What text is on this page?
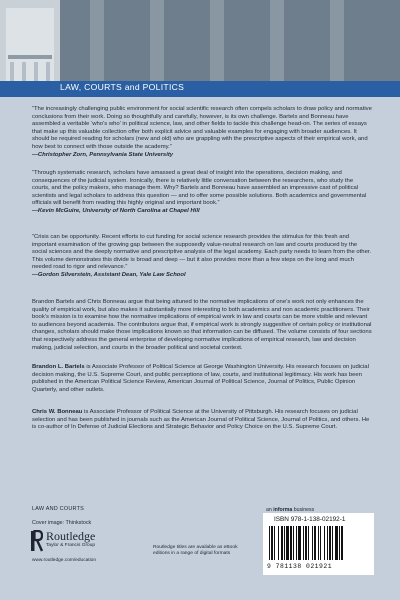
LAW, COURTS and POLITICS
“The increasingly challenging public environment for social scientific research often compels scholars to draw policy and normative conclusions from their work. Doing so thoughtfully and carefully, however, is its own challenge. Bartels and Bonneau have assembled a veritable ‘who’s who’ in political science, law, and other fields to tackle this challenge head-on. The series of essays that make up this valuable collection offer both explicit advice and valuable examples for engaging with broader audiences. It should be required reading for scholars (new and old) who are grappling with the prescriptive aspects of their empirical work, and how best to connect with those outside the academy.”
—Christopher Zorn, Pennsylvania State University
“Through systematic research, scholars have amassed a great deal of insight into the operations, decision making, and consequences of the judicial system. Ironically, there is relatively little conversation between the researchers, who study the courts, and the policy makers, who manage them. Why? Bartels and Bonneau have assembled an impressive cast of political scientists and legal scholars to address this question — and to offer some possible solutions. Both academics and governmental officials will benefit from reading this highly original and important book.”
—Kevin McGuire, University of North Carolina at Chapel Hill
“Crisis can be opportunity. Recent efforts to cut funding for social science research provides the stimulus for this fresh and important examination of the growing gap between the supposedly value-neutral research on law and courts produced by the social sciences and the deeply normative and prescriptive analysis of the legal academy. Each party needs to learn from the other. This volume demonstrates this divide is broad and deep — but it also provides more than a few steps on the long and much needed road to rigor and relevance.”
—Gordon Silverstein, Assistant Dean, Yale Law School
Brandon Bartels and Chris Bonneau argue that being attuned to the normative implications of one’s work not only enhances the quality of empirical work, but also makes it substantially more interesting to both academics and non academic practitioners. Their book’s mission is to examine how the normative implications of empirical work in law and courts can be more visible and relevant to audiences beyond academia. The contributors argue that, if empirical work is strongly suggestive of certain policy or institutional changes, scholars should make those implications known so that information can be diffused. The volume consists of four sections that respectively address the general enterprise of developing normative implications of empirical research, law and decision making, judicial selection, and courts in the broader political and societal context.
Brandon L. Bartels is Associate Professor of Political Science at George Washington University. His research focuses on judicial decision making, the U.S. Supreme Court, and public perceptions of law, courts, and institutional legitimacy. His work has been published in the American Political Science Review, American Journal of Political Science, Journal of Politics, Public Opinion Quarterly, and other outlets.
Chris W. Bonneau is Associate Professor of Political Science at the University of Pittsburgh. His research focuses on judicial selection and has been published in journals such as the American Journal of Political Science, Journal of Politics, and others. He is co-author of In Defense of Judicial Elections and Strategic Behavior and Policy Choice on the U.S. Supreme Court.
LAW AND COURTS
Cover image: Thinkstock
an informa business
Routledge
Taylor & Francis Group
www.routledge.com/education
Routledge titles are available as eBook editions in a range of digital formats
ISBN 978-1-138-02192-1
9 781138 021921
